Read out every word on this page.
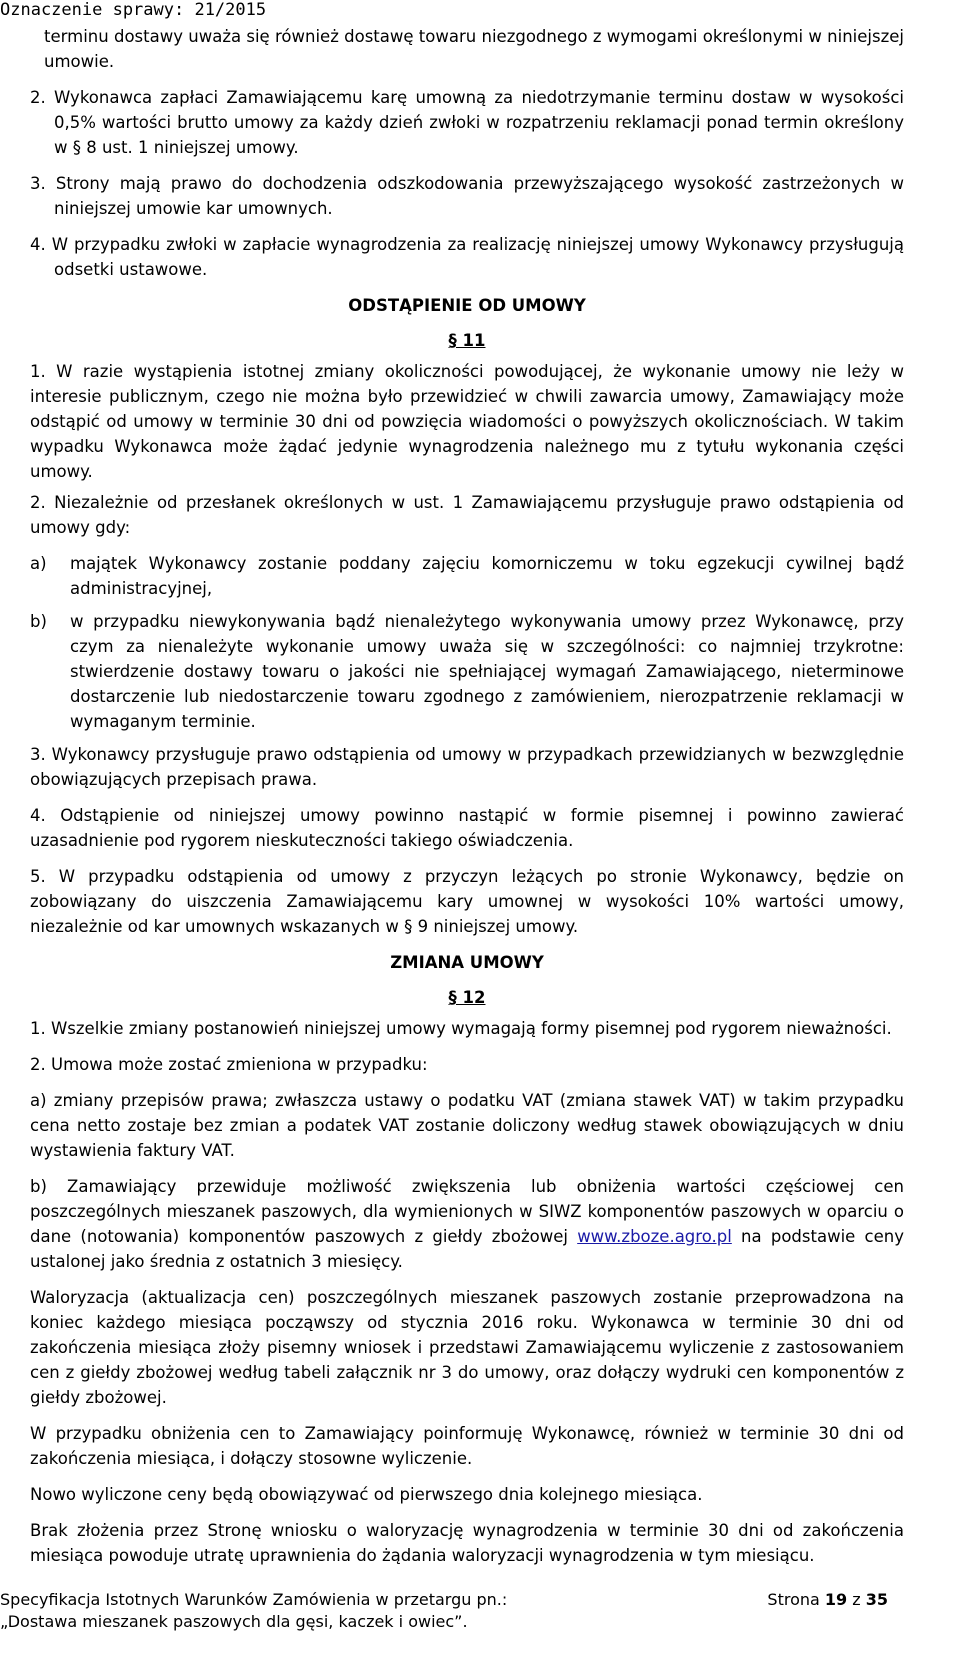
Oznaczenie sprawy: 21/2015

terminu dostawy uważa się również dostawę towaru niezgodnego z wymogami określonymi w niniejszej umowie.

2. Wykonawca zapłaci Zamawiającemu karę umowną za niedotrzymanie terminu dostaw w wysokości 0,5% wartości brutto umowy za każdy dzień zwłoki w rozpatrzeniu reklamacji ponad termin określony w § 8 ust. 1 niniejszej umowy.

3. Strony mają prawo do dochodzenia odszkodowania przewyższającego wysokość zastrzeżonych w niniejszej umowie kar umownych.

4. W przypadku zwłoki w zapłacie wynagrodzenia za realizację niniejszej umowy Wykonawcy przysługują odsetki ustawowe.

ODSTĄPIENIE OD UMOWY
§ 11

1. W razie wystąpienia istotnej zmiany okoliczności powodującej, że wykonanie umowy nie leży w interesie publicznym, czego nie można było przewidzieć w chwili zawarcia umowy, Zamawiający może odstąpić od umowy w terminie 30 dni od powzięcia wiadomości o powyższych okolicznościach. W takim wypadku Wykonawca może żądać jedynie wynagrodzenia należnego mu z tytułu wykonania części umowy.

2. Niezależnie od przesłanek określonych w ust. 1 Zamawiającemu przysługuje prawo odstąpienia od umowy gdy:

a)	majątek Wykonawcy zostanie poddany zajęciu komorniczemu w toku egzekucji cywilnej bądź administracyjnej,
b)	w przypadku niewykonywania bądź nienależytego wykonywania umowy przez Wykonawcę, przy czym za nienależyte wykonanie umowy uważa się w szczególności: co najmniej trzykrotne: stwierdzenie dostawy towaru o jakości nie spełniającej wymagań Zamawiającego, nieterminowe dostarczenie lub niedostarczenie towaru zgodnego z zamówieniem, nierozpatrzenie reklamacji w wymaganym terminie.

3. Wykonawcy przysługuje prawo odstąpienia od umowy w przypadkach przewidzianych w bezwzględnie obowiązujących przepisach prawa.

4. Odstąpienie od niniejszej umowy powinno nastąpić w formie pisemnej i powinno zawierać uzasadnienie pod rygorem nieskuteczności takiego oświadczenia.

5. W przypadku odstąpienia od umowy z przyczyn leżących po stronie Wykonawcy, będzie on zobowiązany do uiszczenia Zamawiającemu kary umownej w wysokości 10% wartości umowy, niezależnie od kar umownych wskazanych w § 9 niniejszej umowy.

ZMIANA UMOWY
§ 12

1. Wszelkie zmiany postanowień niniejszej umowy wymagają formy pisemnej pod rygorem nieważności.

2. Umowa może zostać zmieniona w przypadku:

a) zmiany przepisów prawa; zwłaszcza ustawy o podatku VAT (zmiana stawek VAT) w takim przypadku cena netto zostaje bez zmian a podatek VAT zostanie doliczony według stawek obowiązujących w dniu wystawienia faktury VAT.

b) Zamawiający przewiduje możliwość zwiększenia lub obniżenia wartości częściowej cen poszczególnych mieszanek paszowych, dla wymienionych w SIWZ komponentów paszowych w oparciu o dane (notowania) komponentów paszowych z giełdy zbożowej www.zboze.agro.pl na podstawie ceny ustalonej jako średnia z ostatnich 3 miesięcy.

Waloryzacja (aktualizacja cen) poszczególnych mieszanek paszowych zostanie przeprowadzona na koniec każdego miesiąca począwszy od stycznia 2016 roku. Wykonawca w terminie 30 dni od zakończenia miesiąca złoży pisemny wniosek i przedstawi Zamawiającemu wyliczenie z zastosowaniem cen z giełdy zbożowej według tabeli załącznik nr 3 do umowy, oraz dołączy wydruki cen komponentów z giełdy zbożowej.

W przypadku obniżenia cen to Zamawiający poinformuję Wykonawcę, również w terminie 30 dni od zakończenia miesiąca, i dołączy stosowne wyliczenie.

Nowo wyliczone ceny będą obowiązywać od pierwszego dnia kolejnego miesiąca.

Brak złożenia przez Stronę wniosku o waloryzację wynagrodzenia w terminie 30 dni od zakończenia miesiąca powoduje utratę uprawnienia do żądania waloryzacji wynagrodzenia w tym miesiącu.

Specyfikacja Istotnych Warunków Zamówienia w przetargu pn.:
„Dostawa mieszanek paszowych dla gęsi, kaczek i owiec”.
Strona 19 z 35
